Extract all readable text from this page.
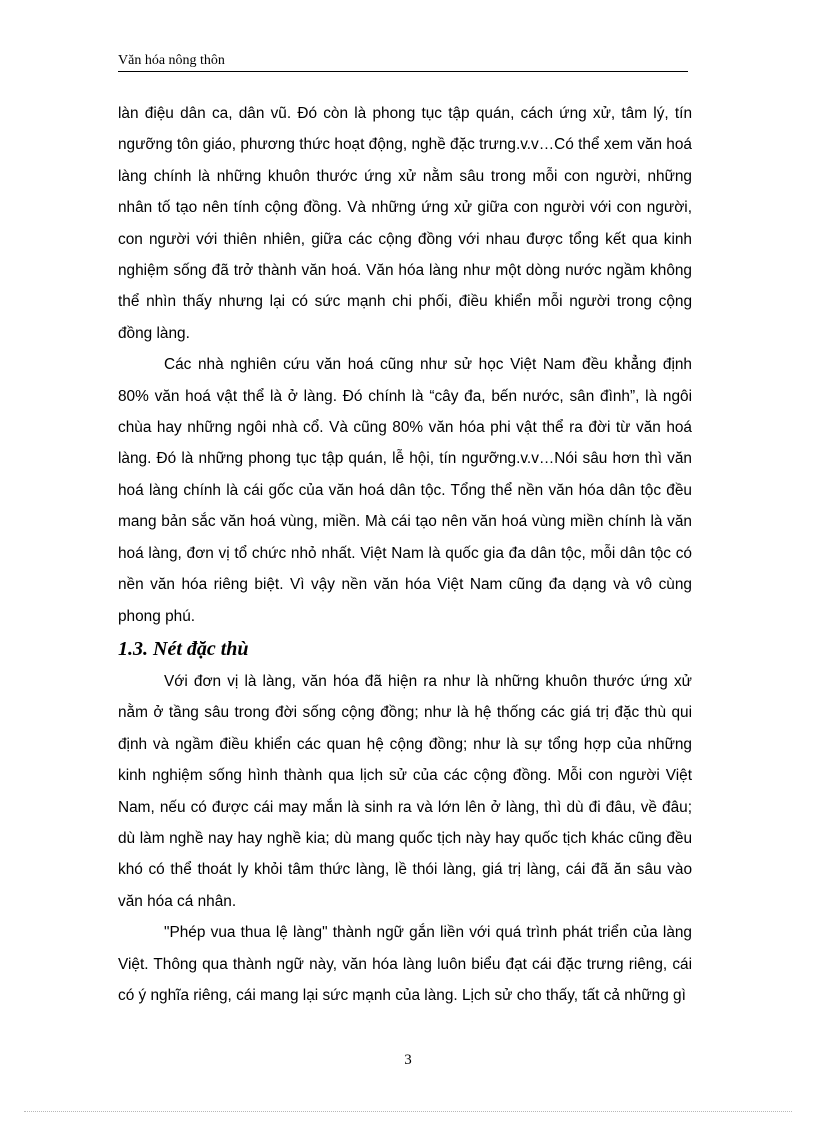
Văn hóa nông thôn

làn điệu dân ca, dân vũ. Đó còn là phong tục tập quán, cách ứng xử, tâm lý, tín ngưỡng tôn giáo, phương thức hoạt động, nghề đặc trưng.v.v…Có thể xem văn hoá làng chính là những khuôn thước ứng xử nằm sâu trong mỗi con người, những nhân tố tạo nên tính cộng đồng. Và những ứng xử giữa con người với con người, con người với thiên nhiên, giữa các cộng đồng với nhau được tổng kết qua kinh nghiệm sống đã trở thành văn hoá. Văn hóa làng như một dòng nước ngầm không thể nhìn thấy nhưng lại có sức mạnh chi phối, điều khiển mỗi người trong cộng đồng làng.

Các nhà nghiên cứu văn hoá cũng như sử học Việt Nam đều khẳng định 80% văn hoá vật thể là ở làng. Đó chính là “cây đa, bến nước, sân đình”, là ngôi chùa hay những ngôi nhà cổ. Và cũng 80% văn hóa phi vật thể ra đời từ văn hoá làng. Đó là những phong tục tập quán, lễ hội, tín ngưỡng.v.v…Nói sâu hơn thì văn hoá làng chính là cái gốc của văn hoá dân tộc. Tổng thể nền văn hóa dân tộc đều mang bản sắc văn hoá vùng, miền. Mà cái tạo nên văn hoá vùng miền chính là văn hoá làng, đơn vị tổ chức nhỏ nhất. Việt Nam là quốc gia đa dân tộc, mỗi dân tộc có nền văn hóa riêng biệt. Vì vậy nền văn hóa Việt Nam cũng đa dạng và vô cùng phong phú.

1.3. Nét đặc thù

Với đơn vị là làng, văn hóa đã hiện ra như là những khuôn thước ứng xử nằm ở tầng sâu trong đời sống cộng đồng; như là hệ thống các giá trị đặc thù qui định và ngầm điều khiển các quan hệ cộng đồng; như là sự tổng hợp của những kinh nghiệm sống hình thành qua lịch sử của các cộng đồng. Mỗi con người Việt Nam, nếu có được cái may mắn là sinh ra và lớn lên ở làng, thì dù đi đâu, về đâu; dù làm nghề nay hay nghề kia; dù mang quốc tịch này hay quốc tịch khác cũng đều khó có thể thoát ly khỏi tâm thức làng, lề thói làng, giá trị làng, cái đã ăn sâu vào văn hóa cá nhân.

"Phép vua thua lệ làng" thành ngữ gắn liền với quá trình phát triển của làng Việt. Thông qua thành ngữ này, văn hóa làng luôn biểu đạt cái đặc trưng riêng, cái có ý nghĩa riêng, cái mang lại sức mạnh của làng. Lịch sử cho thấy, tất cả những gì

3
